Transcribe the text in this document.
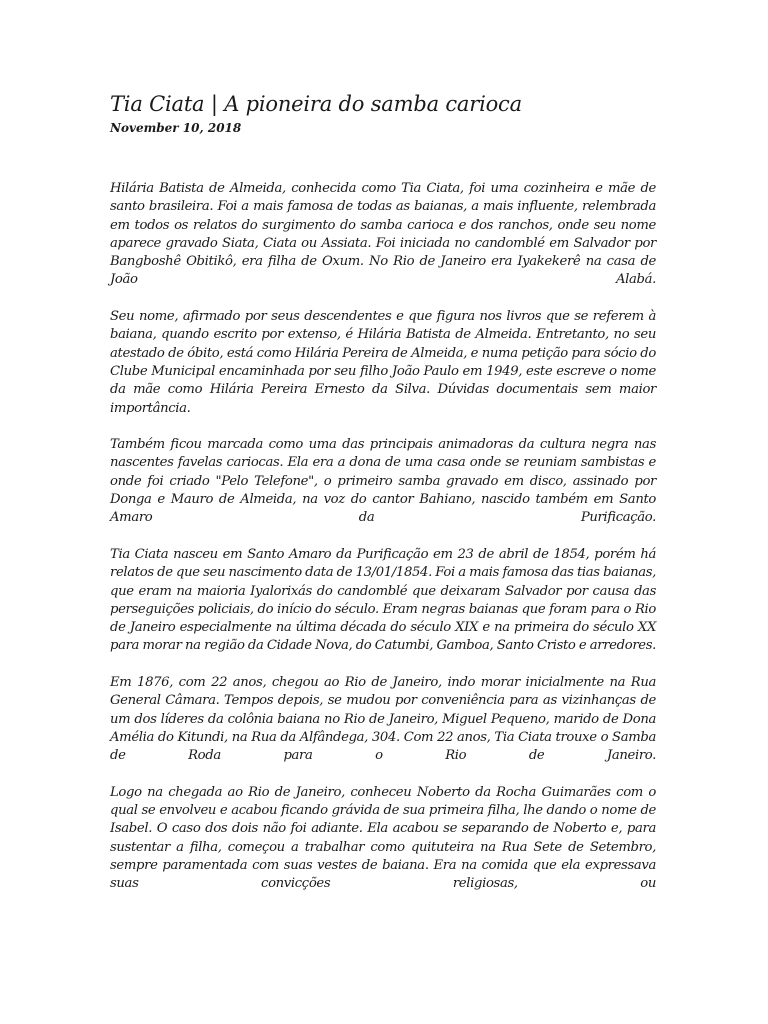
Tia Ciata | A pioneira do samba carioca
November 10, 2018

Hilária Batista de Almeida, conhecida como Tia Ciata, foi uma cozinheira e mãe de santo brasileira. Foi a mais famosa de todas as baianas, a mais influente, relembrada em todos os relatos do surgimento do samba carioca e dos ranchos, onde seu nome aparece gravado Siata, Ciata ou Assiata. Foi iniciada no candomblé em Salvador por Bangboshê Obitikô, era filha de Oxum. No Rio de Janeiro era Iyakekerê na casa de João Alabá.

Seu nome, afirmado por seus descendentes e que figura nos livros que se referem à baiana, quando escrito por extenso, é Hilária Batista de Almeida. Entretanto, no seu atestado de óbito, está como Hilária Pereira de Almeida, e numa petição para sócio do Clube Municipal encaminhada por seu filho João Paulo em 1949, este escreve o nome da mãe como Hilária Pereira Ernesto da Silva. Dúvidas documentais sem maior importância.

Também ficou marcada como uma das principais animadoras da cultura negra nas nascentes favelas cariocas. Ela era a dona de uma casa onde se reuniam sambistas e onde foi criado "Pelo Telefone", o primeiro samba gravado em disco, assinado por Donga e Mauro de Almeida, na voz do cantor Bahiano, nascido também em Santo Amaro da Purificação.

Tia Ciata nasceu em Santo Amaro da Purificação em 23 de abril de 1854, porém há relatos de que seu nascimento data de 13/01/1854. Foi a mais famosa das tias baianas, que eram na maioria Iyalorixás do candomblé que deixaram Salvador por causa das perseguições policiais, do início do século. Eram negras baianas que foram para o Rio de Janeiro especialmente na última década do século XIX e na primeira do século XX para morar na região da Cidade Nova, do Catumbi, Gamboa, Santo Cristo e arredores.

Em 1876, com 22 anos, chegou ao Rio de Janeiro, indo morar inicialmente na Rua General Câmara. Tempos depois, se mudou por conveniência para as vizinhanças de um dos líderes da colônia baiana no Rio de Janeiro, Miguel Pequeno, marido de Dona Amélia do Kitundi, na Rua da Alfândega, 304. Com 22 anos, Tia Ciata trouxe o Samba de Roda para o Rio de Janeiro.

Logo na chegada ao Rio de Janeiro, conheceu Noberto da Rocha Guimarães com o qual se envolveu e acabou ficando grávida de sua primeira filha, lhe dando o nome de Isabel. O caso dos dois não foi adiante. Ela acabou se separando de Noberto e, para sustentar a filha, começou a trabalhar como quituteira na Rua Sete de Setembro, sempre paramentada com suas vestes de baiana. Era na comida que ela expressava suas convicções religiosas, ou
